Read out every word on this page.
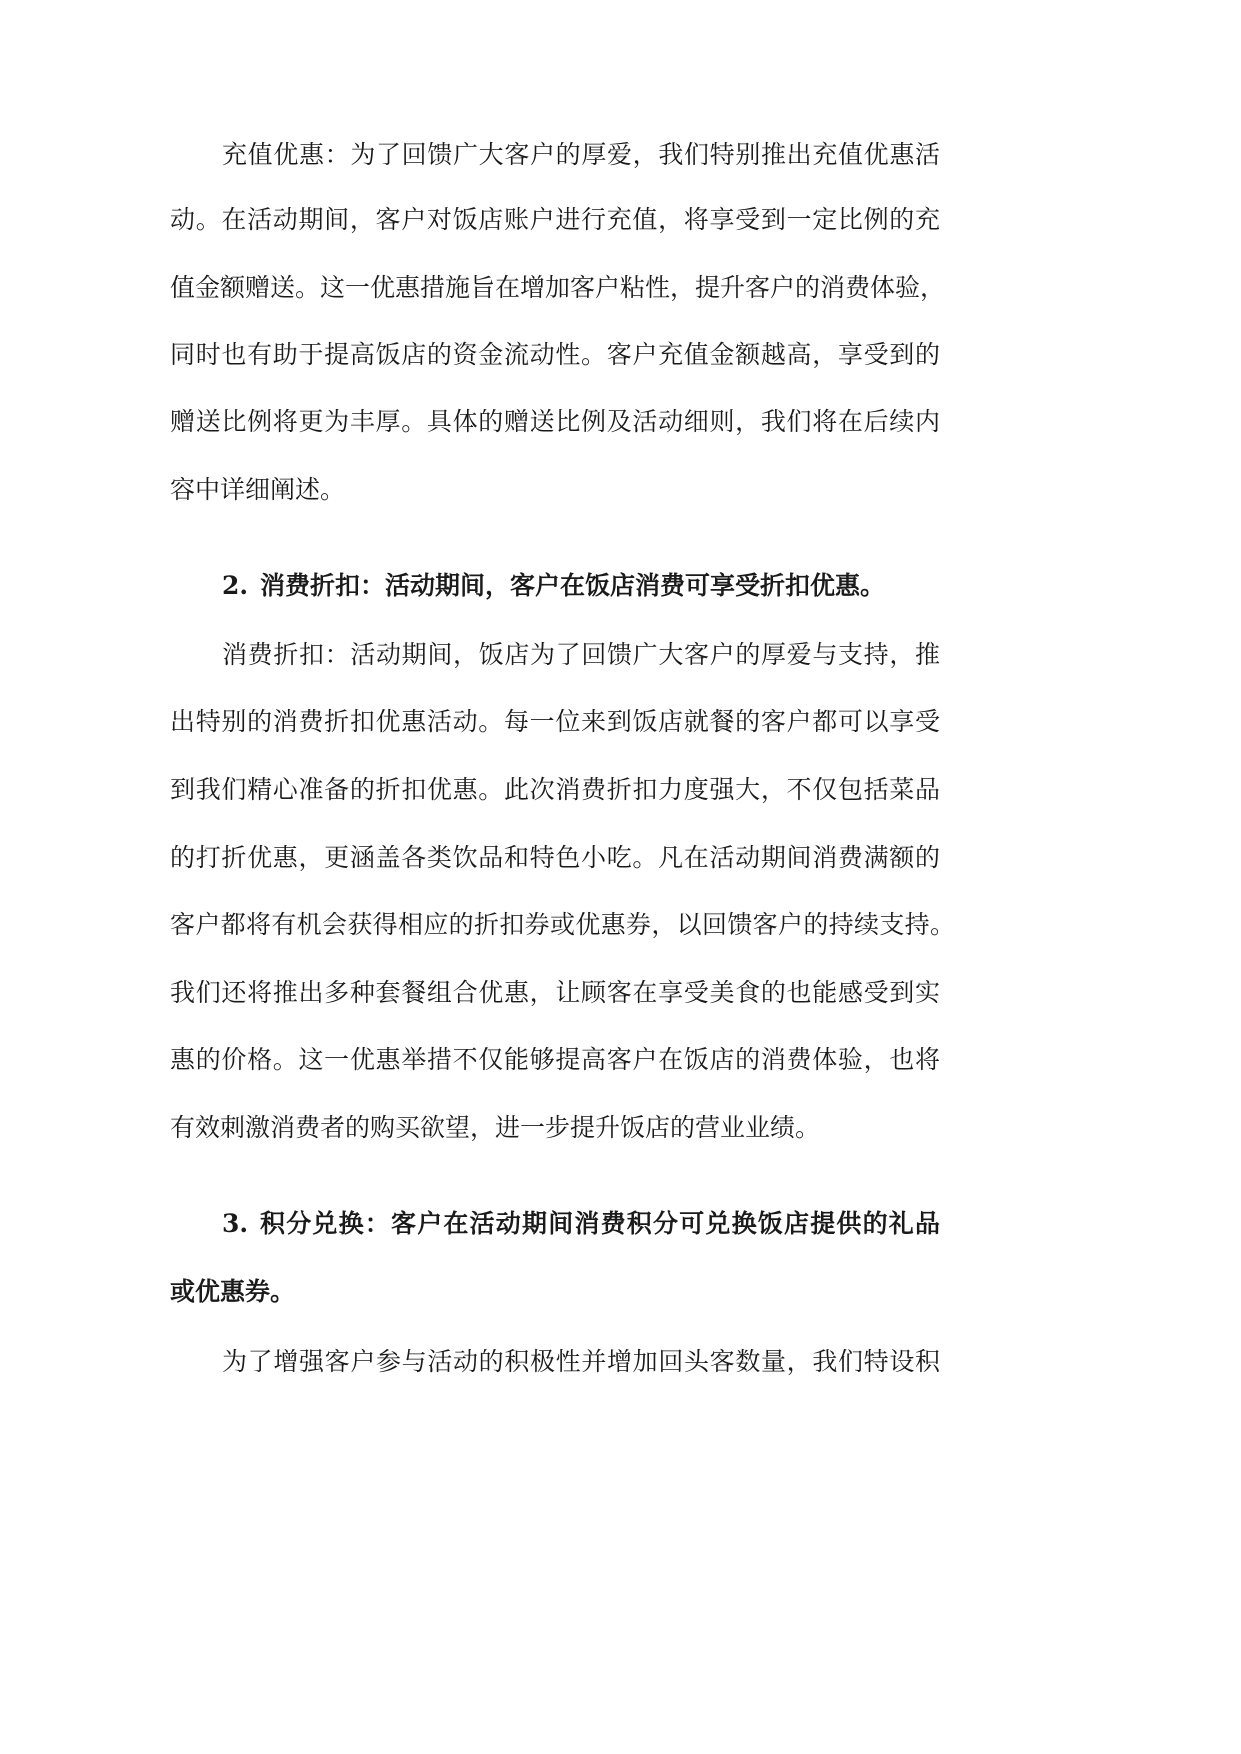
充值优惠：为了回馈广大客户的厚爱，我们特别推出充值优惠活
动。在活动期间，客户对饭店账户进行充值，将享受到一定比例的充
值金额赠送。这一优惠措施旨在增加客户粘性，提升客户的消费体验，
同时也有助于提高饭店的资金流动性。客户充值金额越高，享受到的
赠送比例将更为丰厚。具体的赠送比例及活动细则，我们将在后续内
容中详细阐述。
2. 消费折扣：活动期间，客户在饭店消费可享受折扣优惠。
消费折扣：活动期间，饭店为了回馈广大客户的厚爱与支持，推
出特别的消费折扣优惠活动。每一位来到饭店就餐的客户都可以享受
到我们精心准备的折扣优惠。此次消费折扣力度强大，不仅包括菜品
的打折优惠，更涵盖各类饮品和特色小吃。凡在活动期间消费满额的
客户都将有机会获得相应的折扣券或优惠券，以回馈客户的持续支持。
我们还将推出多种套餐组合优惠，让顾客在享受美食的也能感受到实
惠的价格。这一优惠举措不仅能够提高客户在饭店的消费体验，也将
有效刺激消费者的购买欲望，进一步提升饭店的营业业绩。
3. 积分兑换：客户在活动期间消费积分可兑换饭店提供的礼品
或优惠券。
为了增强客户参与活动的积极性并增加回头客数量，我们特设积
